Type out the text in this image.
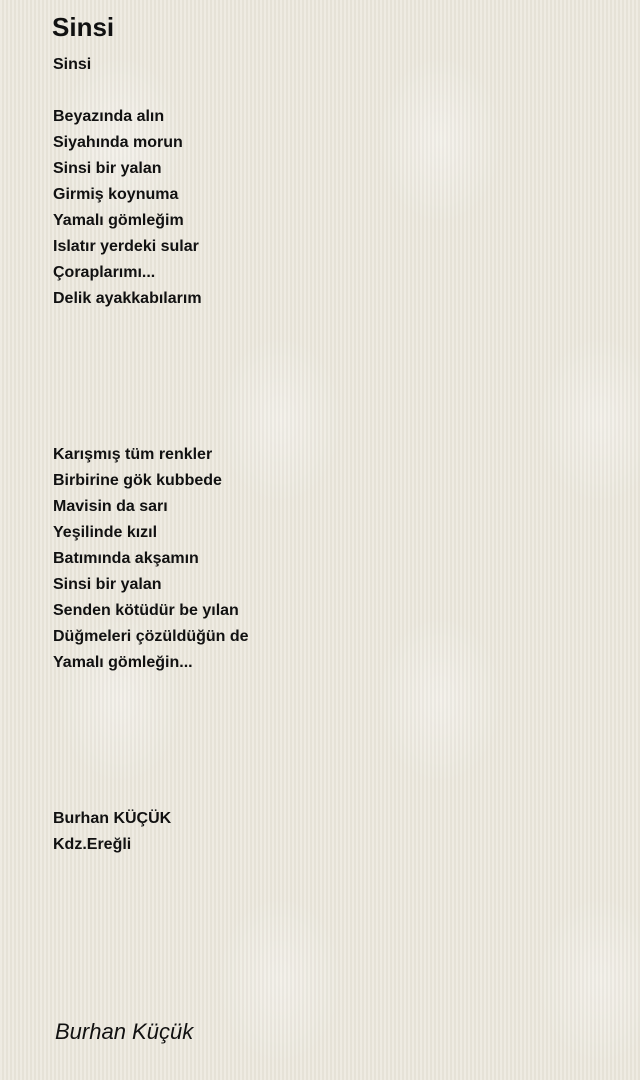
Sinsi
Sinsi
Beyazında alın
Siyahında morun
Sinsi bir yalan
Girmiş koynuma
Yamalı gömleğim
Islatır yerdeki sular
Çoraplarımı...
Delik ayakkabılarım
Karışmış tüm renkler
Birbirine gök kubbede
Mavisin da sarı
Yeşilinde kızıl
Batımında akşamın
Sinsi bir yalan
Senden kötüdür be yılan
Düğmeleri çözüldüğün de
Yamalı gömleğin...
Burhan KÜÇÜK
Kdz.Ereğli
Burhan Küçük
